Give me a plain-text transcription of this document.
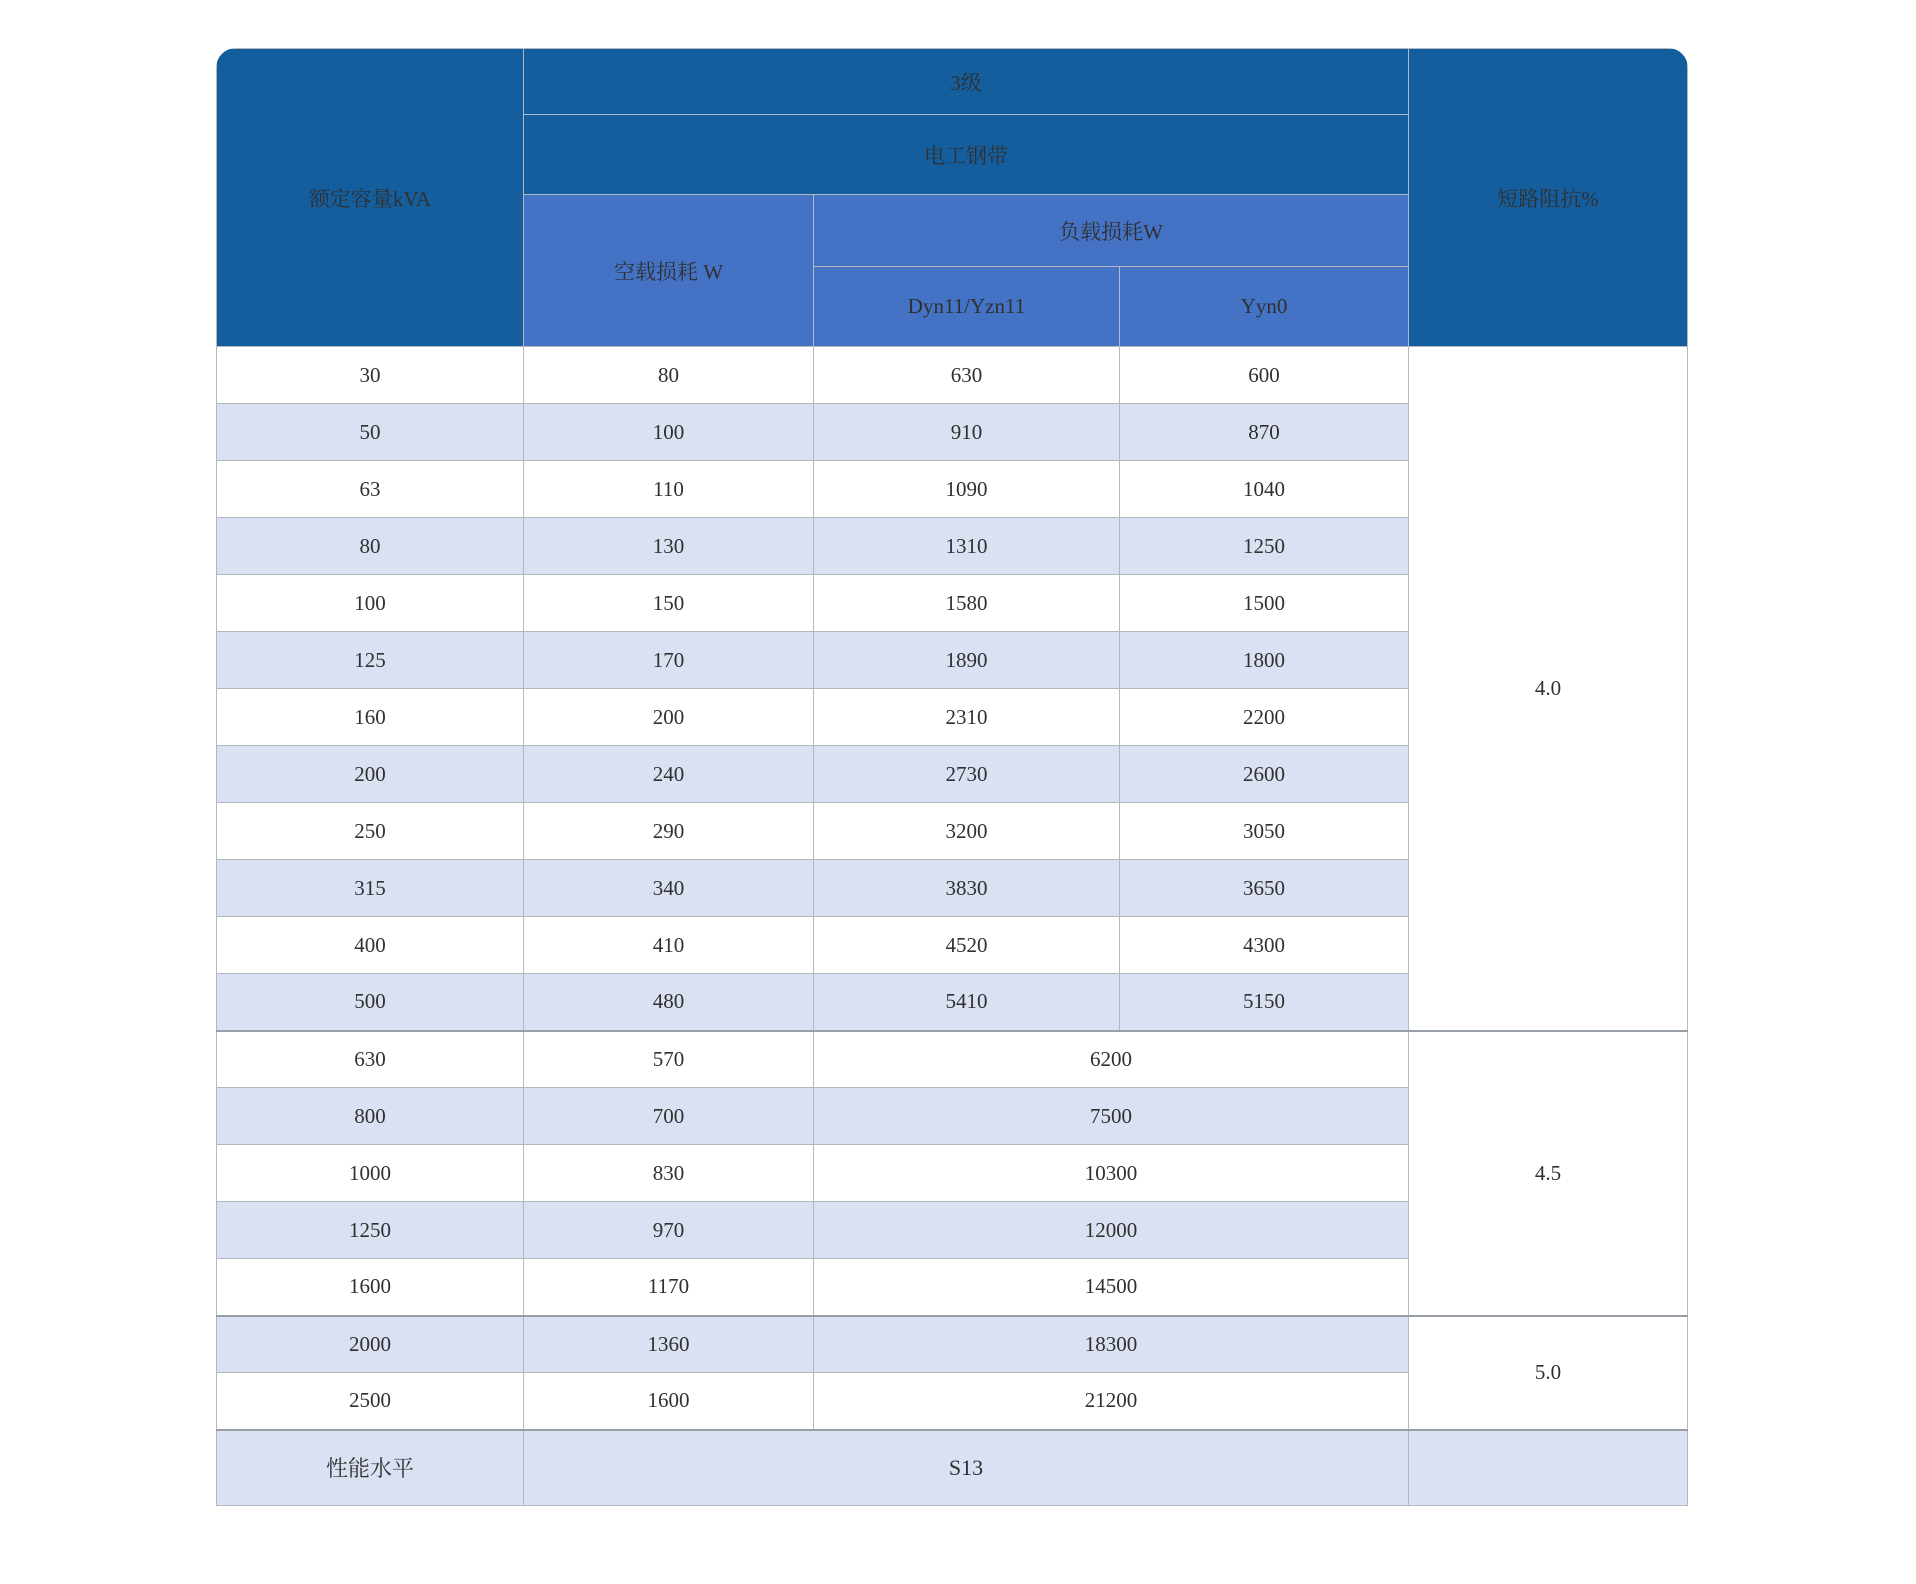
额定容量kVA	3级			短路阻抗%
	电工钢带			
	空载损耗 W	负载损耗W		
		Dyn11/Yzn11	Yyn0	
30	80	630	600	4.0
50	100	910	870	
63	110	1090	1040	
80	130	1310	1250	
100	150	1580	1500	
125	170	1890	1800	
160	200	2310	2200	
200	240	2730	2600	
250	290	3200	3050	
315	340	3830	3650	
400	410	4520	4300	
500	480	5410	5150	
630	570	6200		4.5
800	700	7500		
1000	830	10300		
1250	970	12000		
1600	1170	14500		
2000	1360	18300		5.0
2500	1600	21200		
性能水平	S13			
